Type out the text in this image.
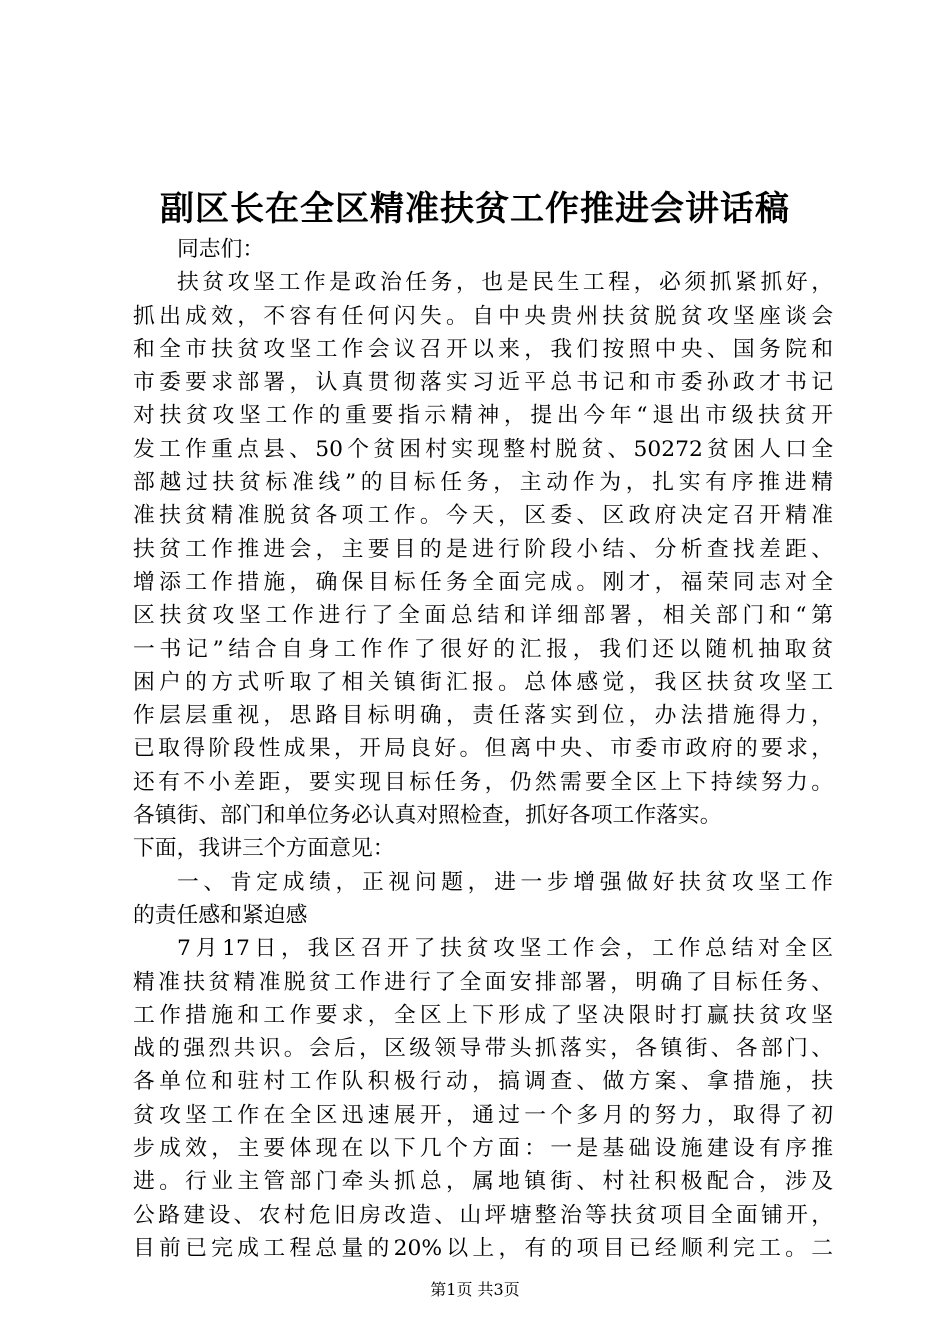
副区长在全区精准扶贫工作推进会讲话稿
同志们：
扶贫攻坚工作是政治任务，也是民生工程，必须抓紧抓好，
抓出成效，不容有任何闪失。自中央贵州扶贫脱贫攻坚座谈会
和全市扶贫攻坚工作会议召开以来，我们按照中央、国务院和
市委要求部署，认真贯彻落实习近平总书记和市委孙政才书记
对扶贫攻坚工作的重要指示精神，提出今年“退出市级扶贫开
发工作重点县、50个贫困村实现整村脱贫、50272贫困人口全
部越过扶贫标准线”的目标任务，主动作为，扎实有序推进精
准扶贫精准脱贫各项工作。今天，区委、区政府决定召开精准
扶贫工作推进会，主要目的是进行阶段小结、分析查找差距、
增添工作措施，确保目标任务全面完成。刚才，福荣同志对全
区扶贫攻坚工作进行了全面总结和详细部署，相关部门和“第
一书记”结合自身工作作了很好的汇报，我们还以随机抽取贫
困户的方式听取了相关镇街汇报。总体感觉，我区扶贫攻坚工
作层层重视，思路目标明确，责任落实到位，办法措施得力，
已取得阶段性成果，开局良好。但离中央、市委市政府的要求，
还有不小差距，要实现目标任务，仍然需要全区上下持续努力。
各镇街、部门和单位务必认真对照检查，抓好各项工作落实。
下面，我讲三个方面意见：
一、肯定成绩，正视问题，进一步增强做好扶贫攻坚工作
的责任感和紧迫感
7月17日，我区召开了扶贫攻坚工作会，工作总结对全区
精准扶贫精准脱贫工作进行了全面安排部署，明确了目标任务、
工作措施和工作要求，全区上下形成了坚决限时打赢扶贫攻坚
战的强烈共识。会后，区级领导带头抓落实，各镇街、各部门、
各单位和驻村工作队积极行动，搞调查、做方案、拿措施，扶
贫攻坚工作在全区迅速展开，通过一个多月的努力，取得了初
步成效，主要体现在以下几个方面：一是基础设施建设有序推
进。行业主管部门牵头抓总，属地镇街、村社积极配合，涉及
公路建设、农村危旧房改造、山坪塘整治等扶贫项目全面铺开，
目前已完成工程总量的20%以上，有的项目已经顺利完工。二
第1页 共3页
